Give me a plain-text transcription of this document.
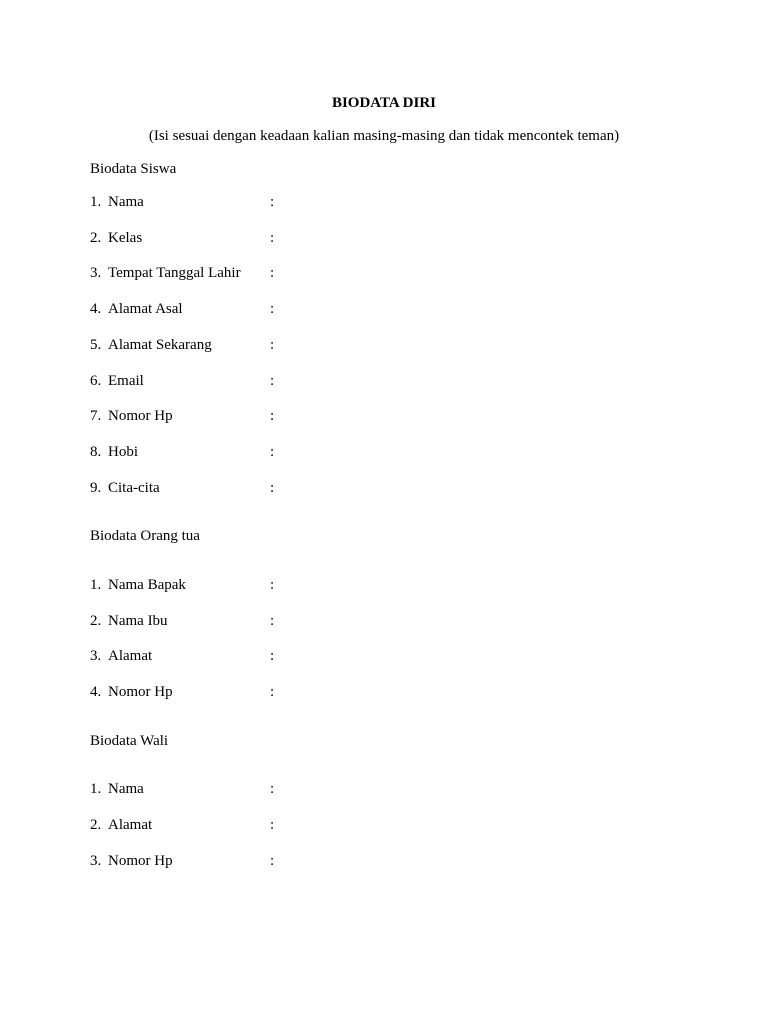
BIODATA DIRI
(Isi sesuai dengan keadaan kalian masing-masing dan tidak mencontek teman)
Biodata Siswa
1. Nama	:
2. Kelas	:
3. Tempat Tanggal Lahir :
4. Alamat Asal	:
5. Alamat Sekarang	:
6. Email	:
7. Nomor Hp	:
8. Hobi	:
9. Cita-cita	:
Biodata Orang tua
1. Nama Bapak	:
2. Nama Ibu	:
3. Alamat	:
4. Nomor Hp	:
Biodata Wali
1. Nama	:
2. Alamat	:
3. Nomor Hp	:
